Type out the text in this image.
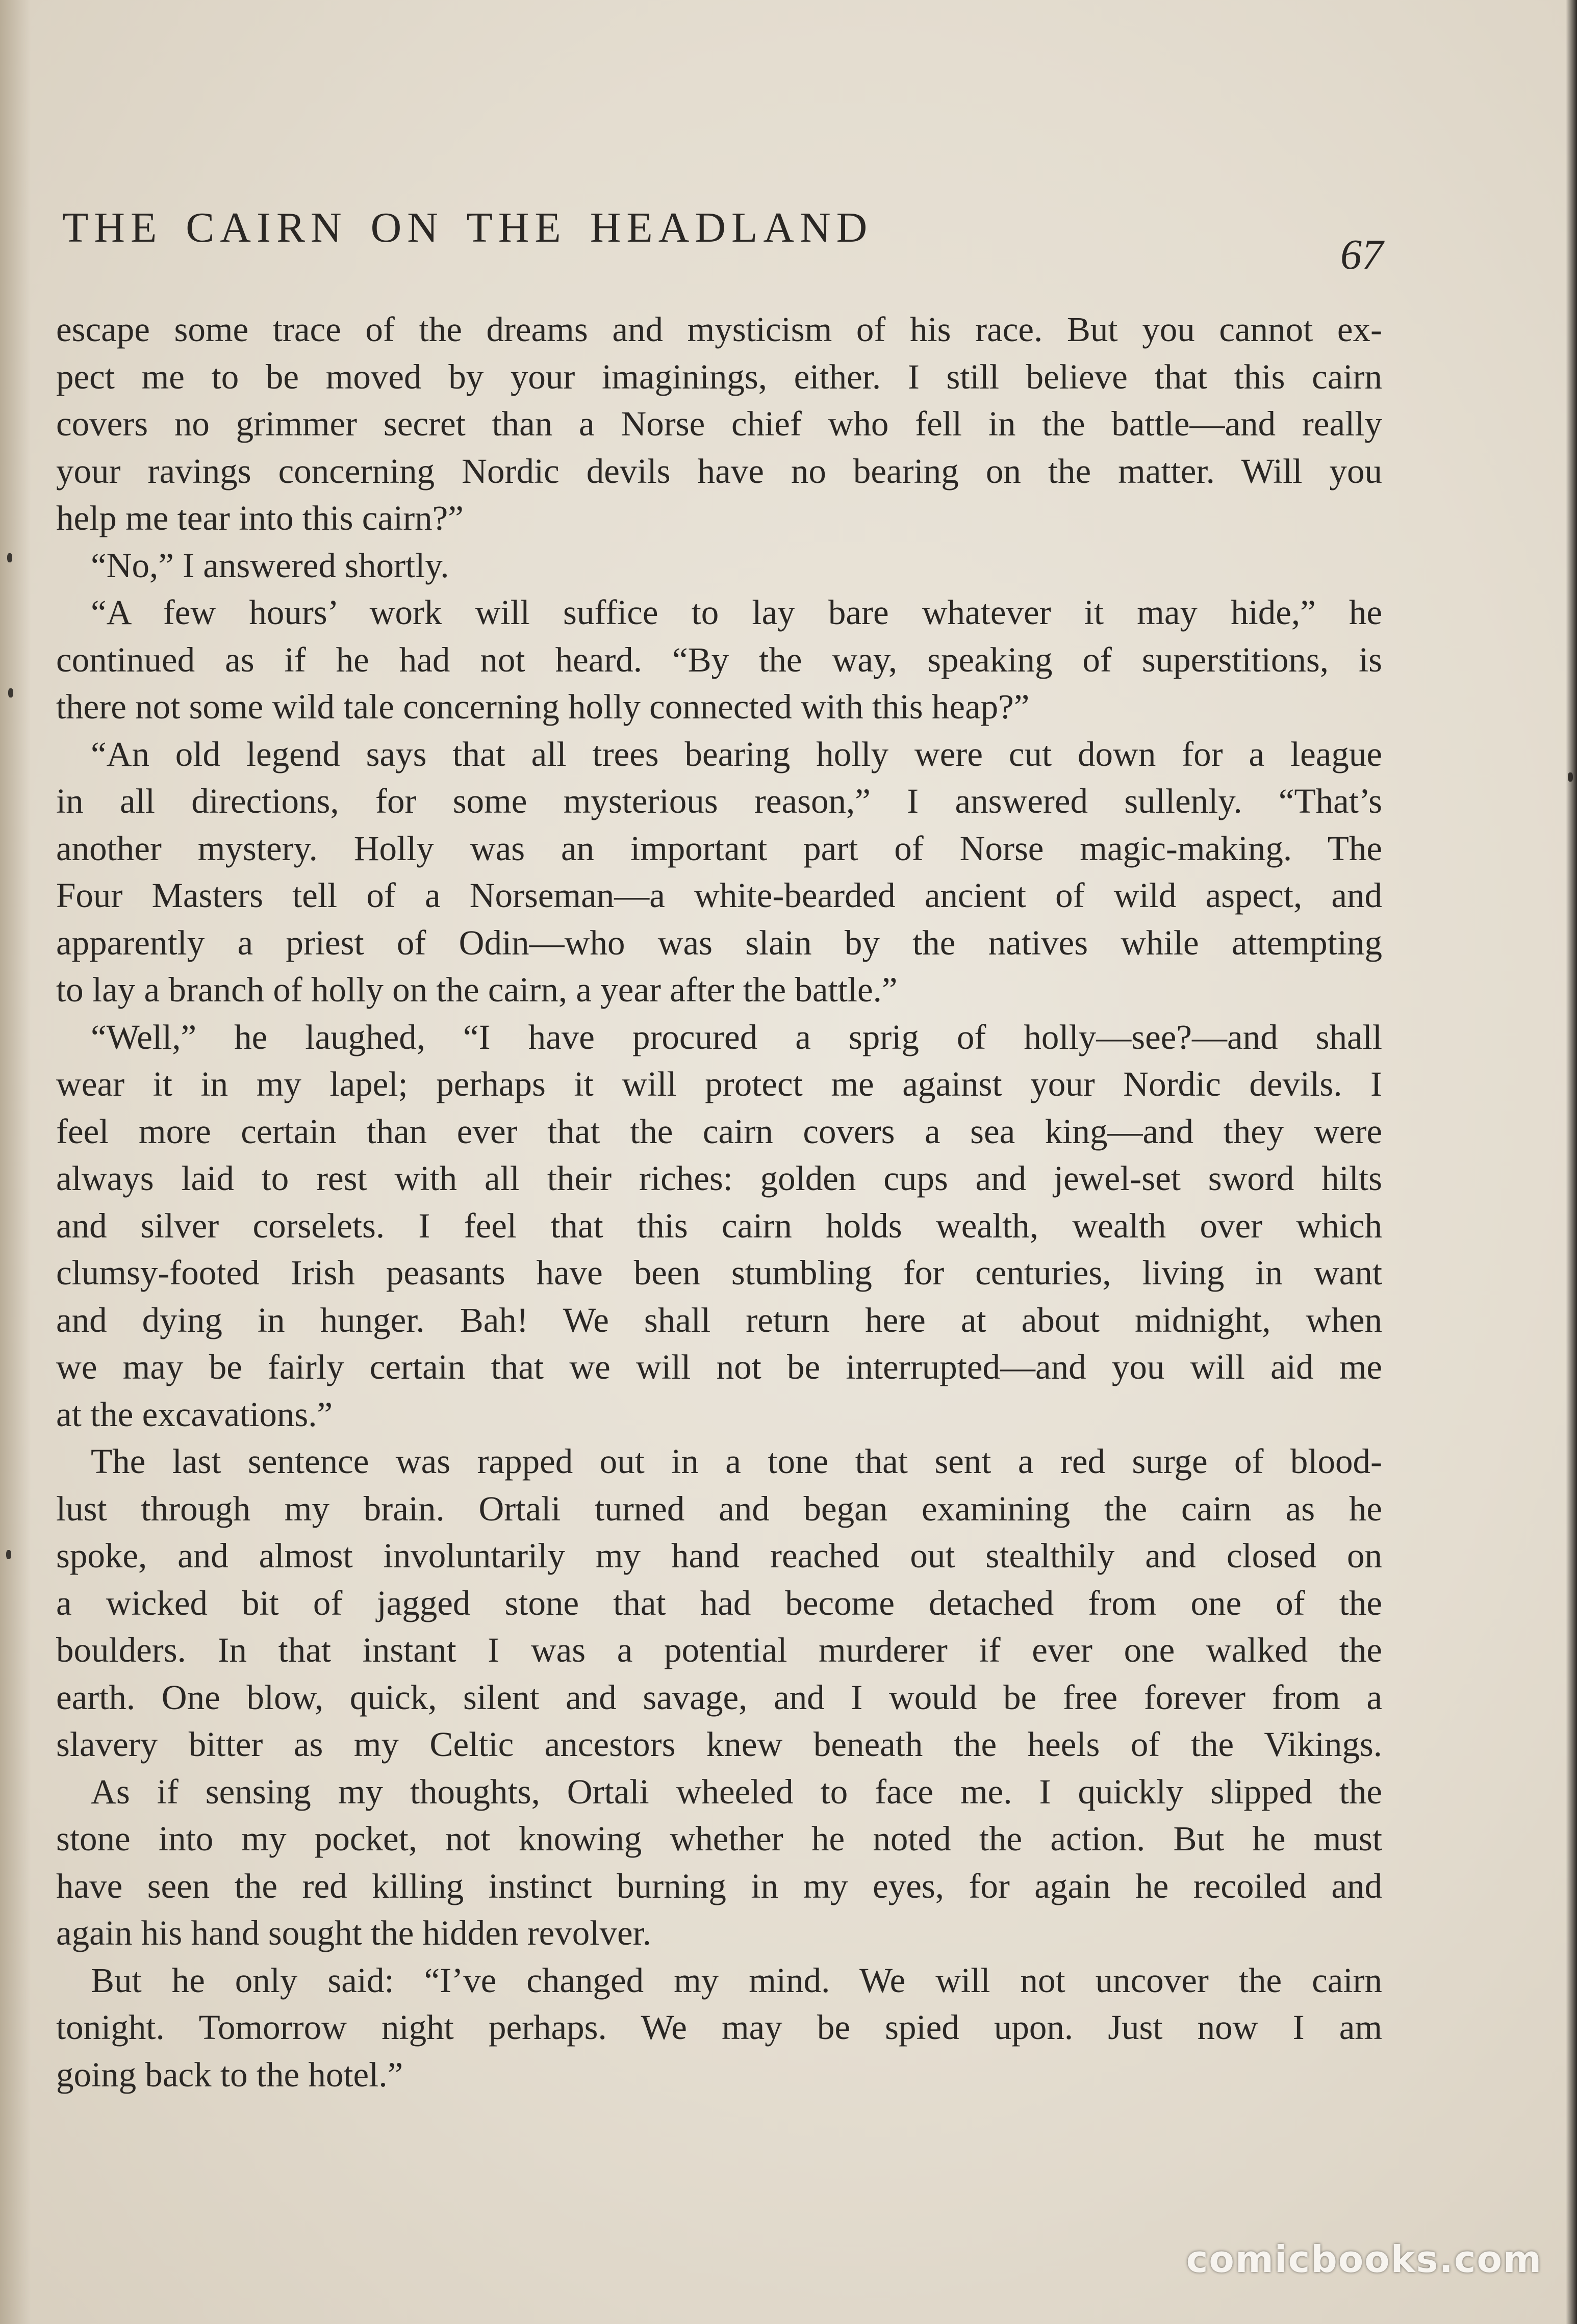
THE CAIRN ON THE HEADLAND
67
escape some trace of the dreams and mysticism of his race. But you cannot ex-
pect me to be moved by your imaginings, either. I still believe that this cairn
covers no grimmer secret than a Norse chief who fell in the battle—and really
your ravings concerning Nordic devils have no bearing on the matter. Will you
help me tear into this cairn?”
“No,” I answered shortly.
“A few hours’ work will suffice to lay bare whatever it may hide,” he
continued as if he had not heard. “By the way, speaking of superstitions, is
there not some wild tale concerning holly connected with this heap?”
“An old legend says that all trees bearing holly were cut down for a league
in all directions, for some mysterious reason,” I answered sullenly. “That’s
another mystery. Holly was an important part of Norse magic-making. The
Four Masters tell of a Norseman—a white-bearded ancient of wild aspect, and
apparently a priest of Odin—who was slain by the natives while attempting
to lay a branch of holly on the cairn, a year after the battle.”
“Well,” he laughed, “I have procured a sprig of holly—see?—and shall
wear it in my lapel; perhaps it will protect me against your Nordic devils. I
feel more certain than ever that the cairn covers a sea king—and they were
always laid to rest with all their riches: golden cups and jewel-set sword hilts
and silver corselets. I feel that this cairn holds wealth, wealth over which
clumsy-footed Irish peasants have been stumbling for centuries, living in want
and dying in hunger. Bah! We shall return here at about midnight, when
we may be fairly certain that we will not be interrupted—and you will aid me
at the excavations.”
The last sentence was rapped out in a tone that sent a red surge of blood-
lust through my brain. Ortali turned and began examining the cairn as he
spoke, and almost involuntarily my hand reached out stealthily and closed on
a wicked bit of jagged stone that had become detached from one of the
boulders. In that instant I was a potential murderer if ever one walked the
earth. One blow, quick, silent and savage, and I would be free forever from a
slavery bitter as my Celtic ancestors knew beneath the heels of the Vikings.
As if sensing my thoughts, Ortali wheeled to face me. I quickly slipped the
stone into my pocket, not knowing whether he noted the action. But he must
have seen the red killing instinct burning in my eyes, for again he recoiled and
again his hand sought the hidden revolver.
But he only said: “I’ve changed my mind. We will not uncover the cairn
tonight. Tomorrow night perhaps. We may be spied upon. Just now I am
going back to the hotel.”
comicbooks.com
